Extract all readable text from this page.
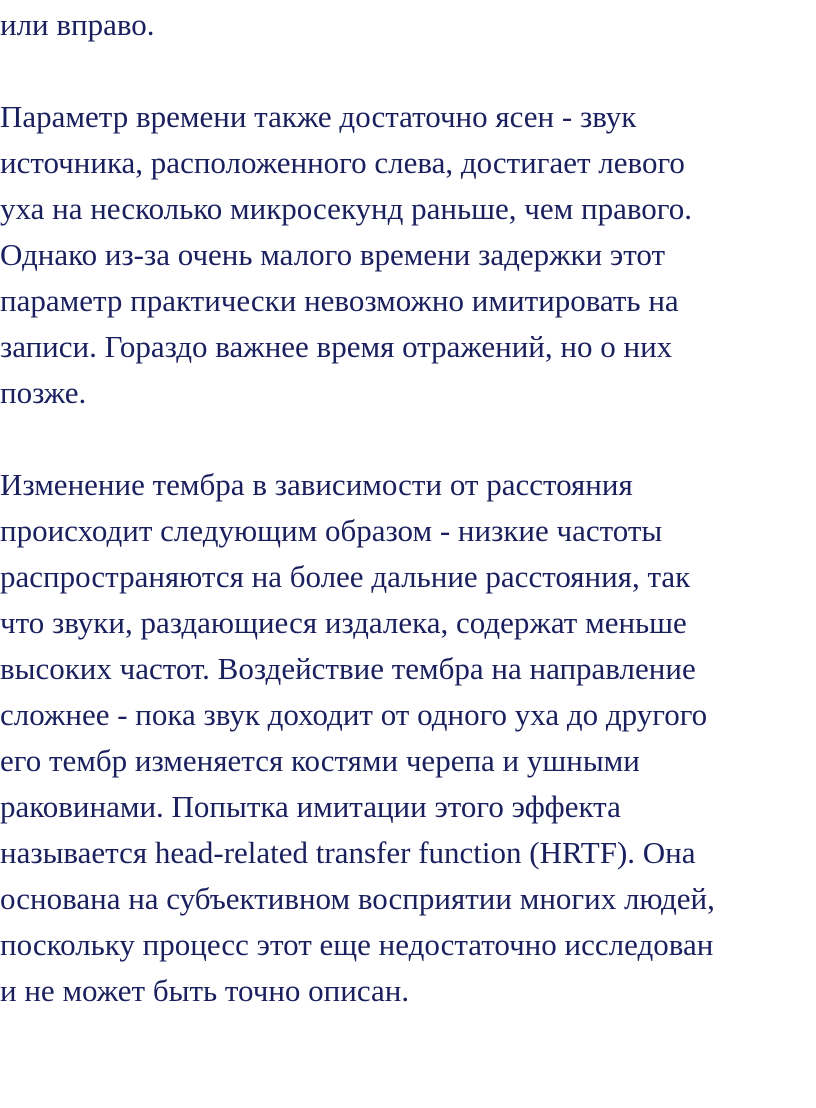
или вправо.

Параметр времени также достаточно ясен - звук

источника, расположенного слева, достигает левого

уха на несколько микросекунд раньше, чем правого.

Однако из-за очень малого времени задержки этот

параметр практически невозможно имитировать на

записи. Гораздо важнее время отражений, но о них

позже.

Изменение тембра в зависимости от расстояния

происходит следующим образом - низкие частоты

распространяются на более дальние расстояния, так

что звуки, раздающиеся издалека, содержат меньше

высоких частот. Воздействие тембра на направление

сложнее - пока звук доходит от одного уха до другого

его тембр изменяется костями черепа и ушными

раковинами. Попытка имитации этого эффекта

называется head-related transfer function (HRTF). Она

основана на субъективном восприятии многих людей,

поскольку процесс этот еще недостаточно исследован

и не может быть точно описан.
